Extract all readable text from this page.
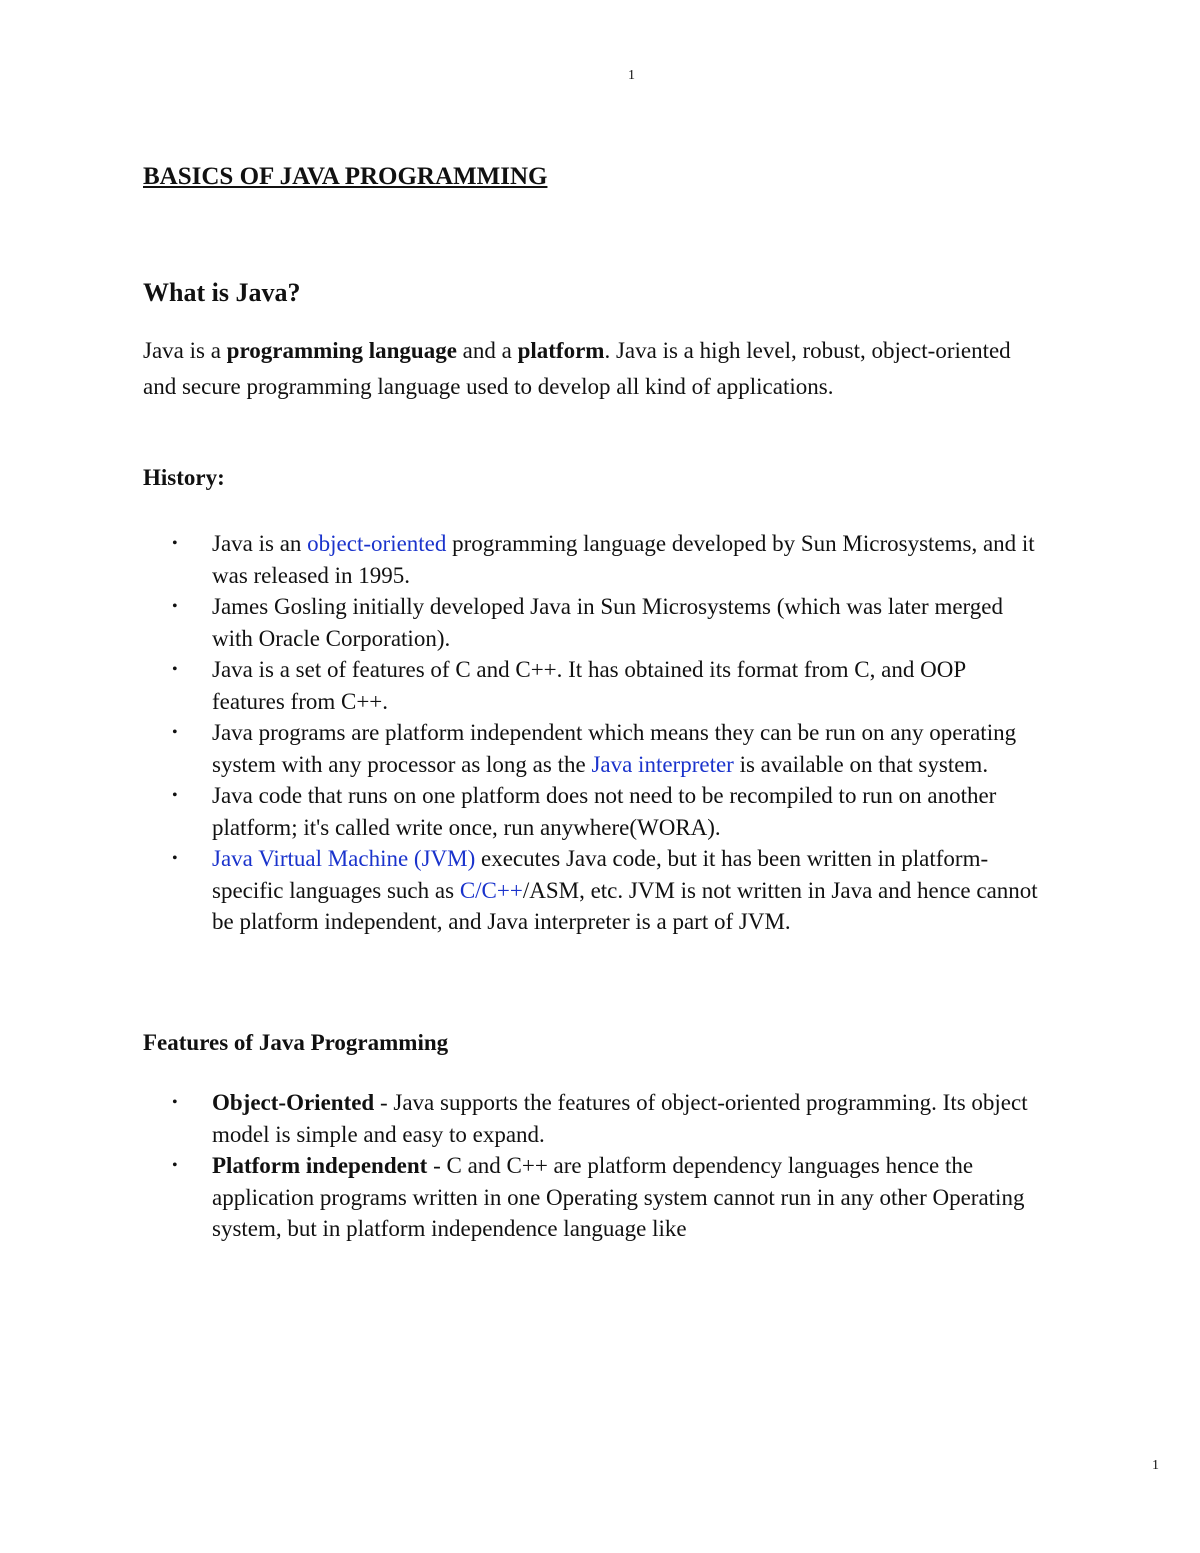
1
BASICS OF JAVA PROGRAMMING
What is Java?
Java is a programming language and a platform. Java is a high level, robust, object-oriented and secure programming language used to develop all kind of applications.
History:
• Java is an object-oriented programming language developed by Sun Microsystems, and it was released in 1995.
• James Gosling initially developed Java in Sun Microsystems (which was later merged with Oracle Corporation).
• Java is a set of features of C and C++. It has obtained its format from C, and OOP features from C++.
• Java programs are platform independent which means they can be run on any operating system with any processor as long as the Java interpreter is available on that system.
• Java code that runs on one platform does not need to be recompiled to run on another platform; it's called write once, run anywhere(WORA).
• Java Virtual Machine (JVM) executes Java code, but it has been written in platform-specific languages such as C/C++/ASM, etc. JVM is not written in Java and hence cannot be platform independent, and Java interpreter is a part of JVM.
Features of Java Programming
• Object-Oriented - Java supports the features of object-oriented programming. Its object model is simple and easy to expand.
• Platform independent - C and C++ are platform dependency languages hence the application programs written in one Operating system cannot run in any other Operating system, but in platform independence language like
1
